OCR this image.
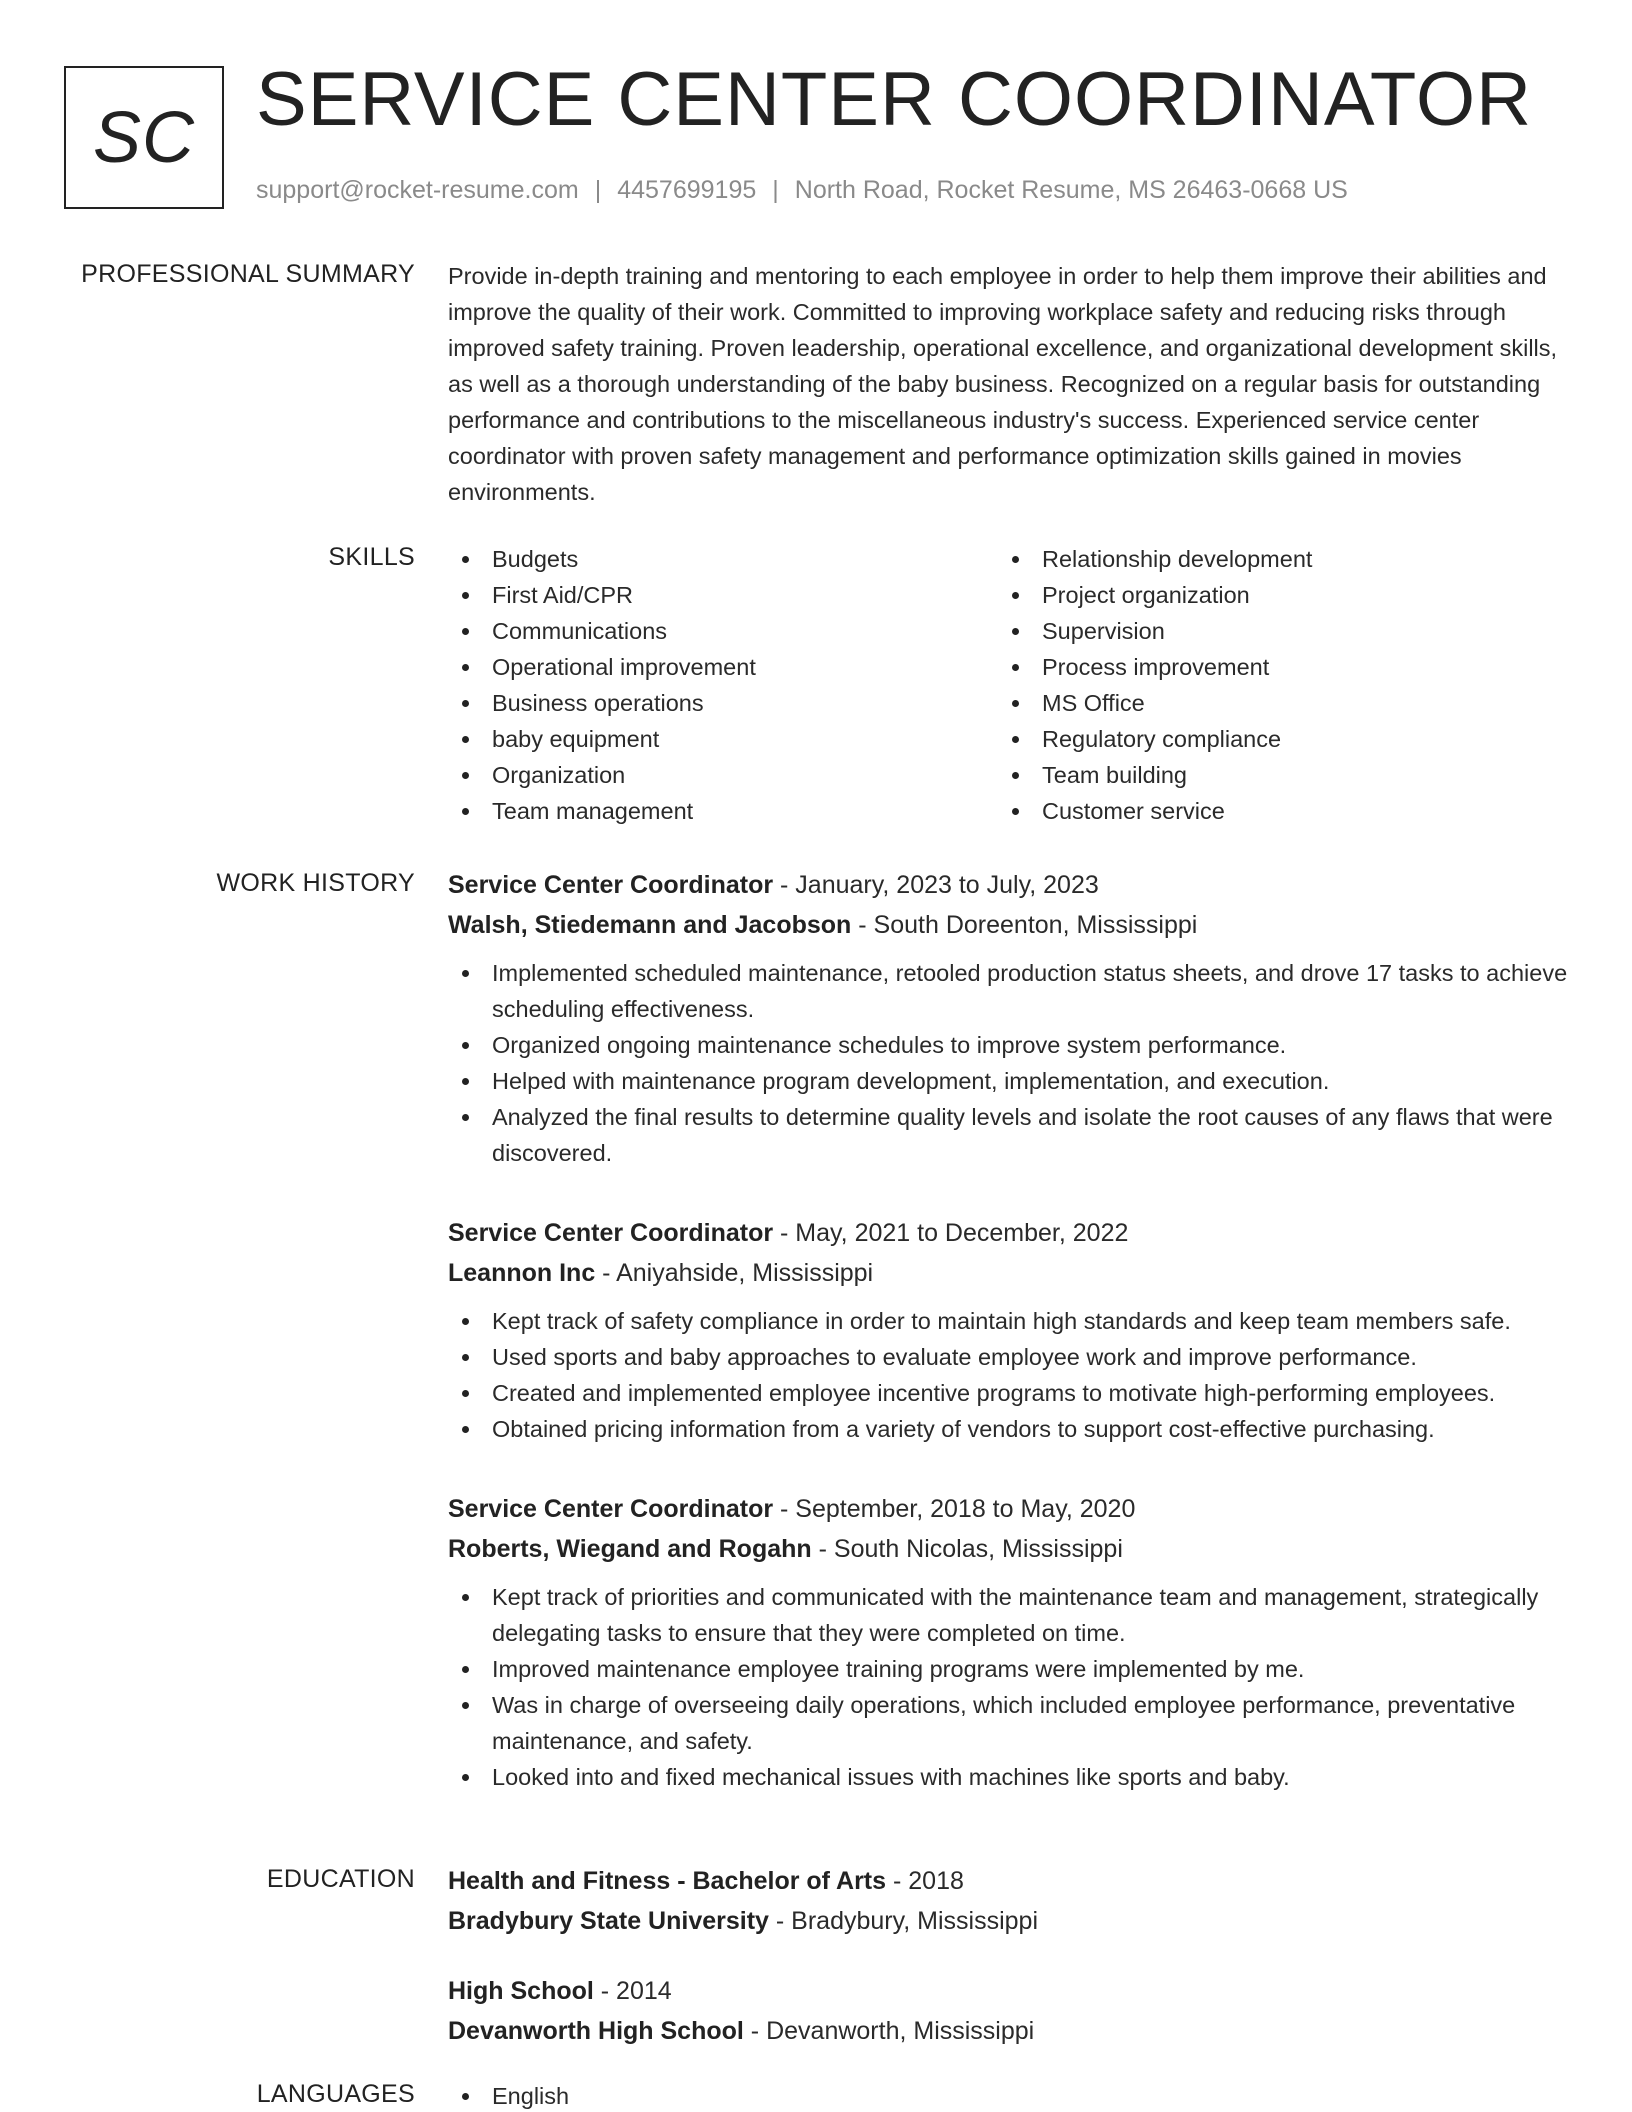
SC SERVICE CENTER COORDINATOR
support@rocket-resume.com | 4457699195 | North Road, Rocket Resume, MS 26463-0668 US
PROFESSIONAL SUMMARY Provide in-depth training and mentoring to each employee in order to help them improve their abilities and improve the quality of their work. Committed to improving workplace safety and reducing risks through improved safety training. Proven leadership, operational excellence, and organizational development skills, as well as a thorough understanding of the baby business. Recognized on a regular basis for outstanding performance and contributions to the miscellaneous industry's success. Experienced service center coordinator with proven safety management and performance optimization skills gained in movies environments.
SKILLS	Budgets
First Aid/CPR
Communications
Operational improvement
Business operations
baby equipment
Organization
Team management
Relationship development
Project organization
Supervision
Process improvement
MS Office
Regulatory compliance
Team building
Customer service
WORK HISTORY Service Center Coordinator - January, 2023 to July, 2023
Walsh, Stiedemann and Jacobson - South Doreenton, Mississippi
Implemented scheduled maintenance, retooled production status sheets, and drove 17 tasks to achieve scheduling effectiveness.
Organized ongoing maintenance schedules to improve system performance.
Helped with maintenance program development, implementation, and execution.
Analyzed the final results to determine quality levels and isolate the root causes of any flaws that were discovered.
Service Center Coordinator - May, 2021 to December, 2022
Leannon Inc - Aniyahside, Mississippi
Kept track of safety compliance in order to maintain high standards and keep team members safe.
Used sports and baby approaches to evaluate employee work and improve performance.
Created and implemented employee incentive programs to motivate high-performing employees.
Obtained pricing information from a variety of vendors to support cost-effective purchasing.
Service Center Coordinator - September, 2018 to May, 2020
Roberts, Wiegand and Rogahn - South Nicolas, Mississippi
Kept track of priorities and communicated with the maintenance team and management, strategically delegating tasks to ensure that they were completed on time.
Improved maintenance employee training programs were implemented by me.
Was in charge of overseeing daily operations, which included employee performance, preventative maintenance, and safety.
Looked into and fixed mechanical issues with machines like sports and baby.
EDUCATION Health and Fitness - Bachelor of Arts - 2018
Bradybury State University - Bradybury, Mississippi
High School - 2014
Devanworth High School - Devanworth, Mississippi
LANGUAGES	English
